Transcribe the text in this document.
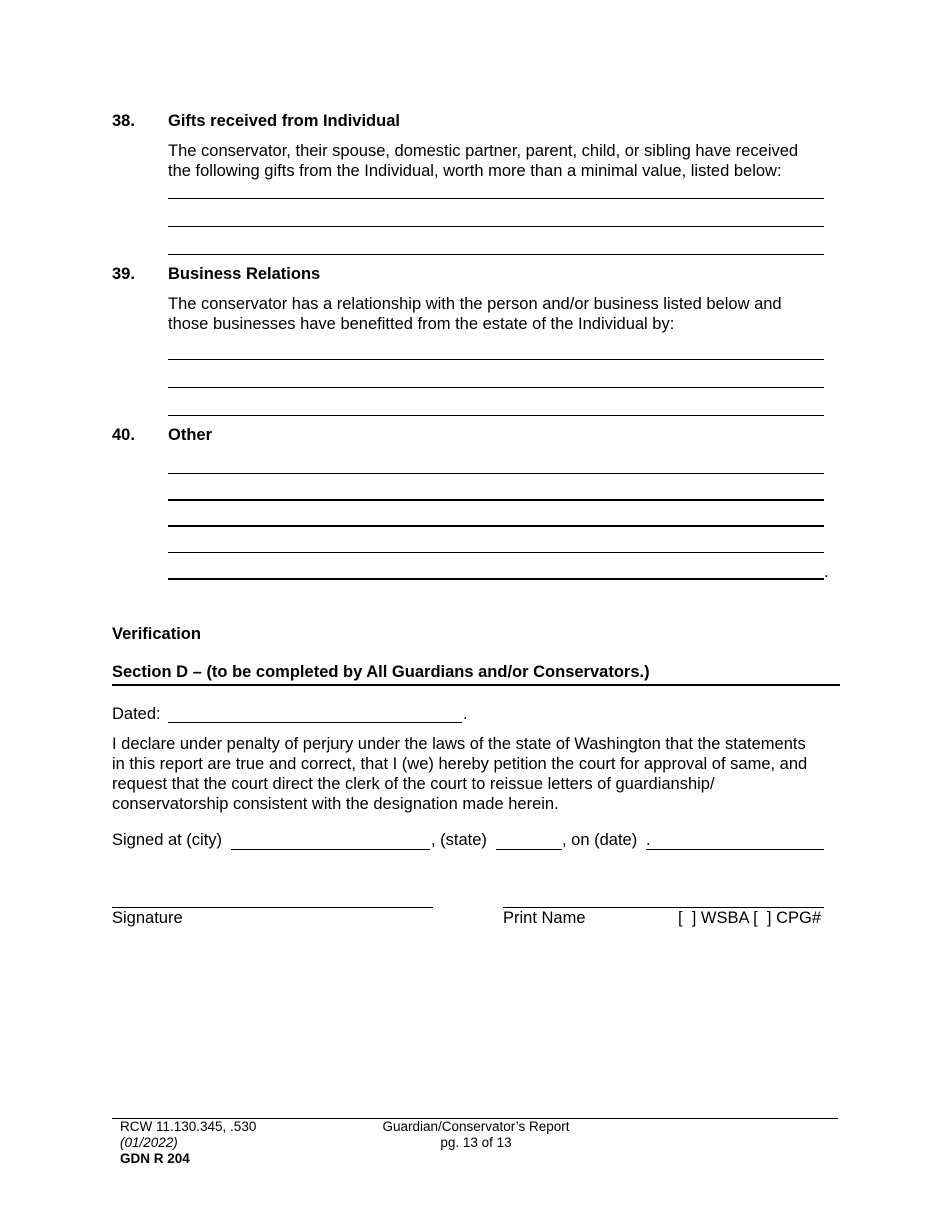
38. Gifts received from Individual
The conservator, their spouse, domestic partner, parent, child, or sibling have received
the following gifts from the Individual, worth more than a minimal value, listed below:
39. Business Relations
The conservator has a relationship with the person and/or business listed below and
those businesses have benefitted from the estate of the Individual by:
40. Other
.
Verification
Section D – (to be completed by All Guardians and/or Conservators.)
Dated:	.
I declare under penalty of perjury under the laws of the state of Washington that the statements
in this report are true and correct, that I (we) hereby petition the court for approval of same, and
request that the court direct the clerk of the court to reissue letters of guardianship/
conservatorship consistent with the designation made herein.
Signed at (city)	, (state)	, on (date) .
Signature	Print Name	[  ] WSBA [  ] CPG#
RCW 11.130.345, .530
(01/2022)
GDN R 204
Guardian/Conservator’s Report
pg. 13 of 13
